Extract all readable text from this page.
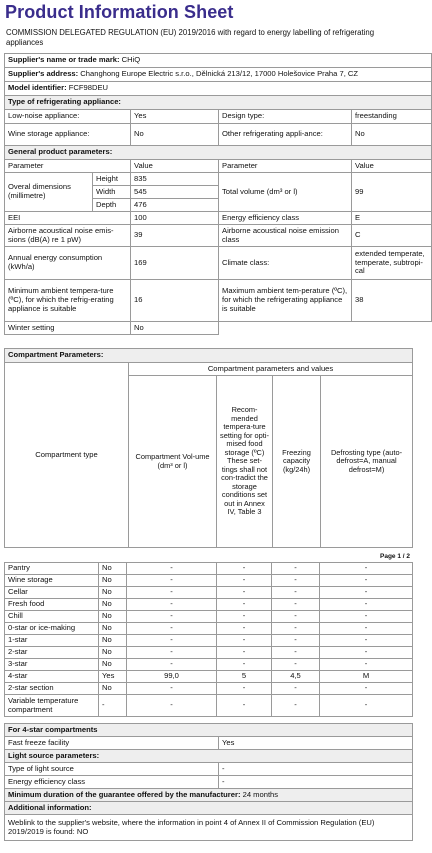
Product Information Sheet
COMMISSION DELEGATED REGULATION (EU) 2019/2016 with regard to energy labelling of refrigerating appliances
Supplier's name or trade mark: CHiQ				
Supplier's address: Changhong Europe Electric s.r.o., Dělnická 213/12, 17000 Holešovice Praha 7, CZ				
Model identifier: FCF98DEU				
Type of refrigerating appliance:				
Low-noise appliance:		Yes	Design type:	freestanding
Wine storage appliance:		No	Other refrigerating appli-ance:	No
General product parameters:				
Parameter		Value	Parameter	Value
Overal dimensions (millimetre)	Height	835	Total volume (dm³ or l)	99
	Width	545		
	Depth	476		
EEI		100	Energy efficiency class	E
Airborne acoustical noise emis-sions (dB(A) re 1 pW)		39	Airborne acoustical noise emission class	C
Annual energy consumption (kWh/a)		169	Climate class:	extended temperate, temperate, subtropi-cal
Minimum ambient tempera-ture (ºC), for which the refrig-erating appliance is suitable		16	Maximum ambient tem-perature (ºC), for which the refrigerating appliance is suitable	38
Winter setting		No		
Compartment Parameters:				
Compartment type	Compartment parameters and values			
	Compartment Vol-ume (dm³ or l)	Recom-mended tempera-ture setting for opti-mised food storage (ºC) These set-tings shall not con-tradict the storage conditions set out in Annex IV, Table 3	Freezing capacity (kg/24h)	Defrosting type (auto-defrost=A, manual defrost=M)
Page 1 / 2
Pantry	No	-	-	-	-
Wine storage	No	-	-	-	-
Cellar	No	-	-	-	-
Fresh food	No	-	-	-	-
Chill	No	-	-	-	-
0-star or ice-making	No	-	-	-	-
1-star	No	-	-	-	-
2-star	No	-	-	-	-
3-star	No	-	-	-	-
4-star	Yes	99,0	5	4,5	M
2-star section	No	-	-	-	-
Variable temperature compartment	-	-	-	-	-
For 4-star compartments	
Fast freeze facility	Yes
Light source parameters:	
Type of light source	-
Energy efficiency class	-
Minimum duration of the guarantee offered by the manufacturer: 24 months	
Additional information:	
Weblink to the supplier's website, where the information in point 4 of Annex II of Commission Regulation (EU) 2019/2019 is found: NO	
